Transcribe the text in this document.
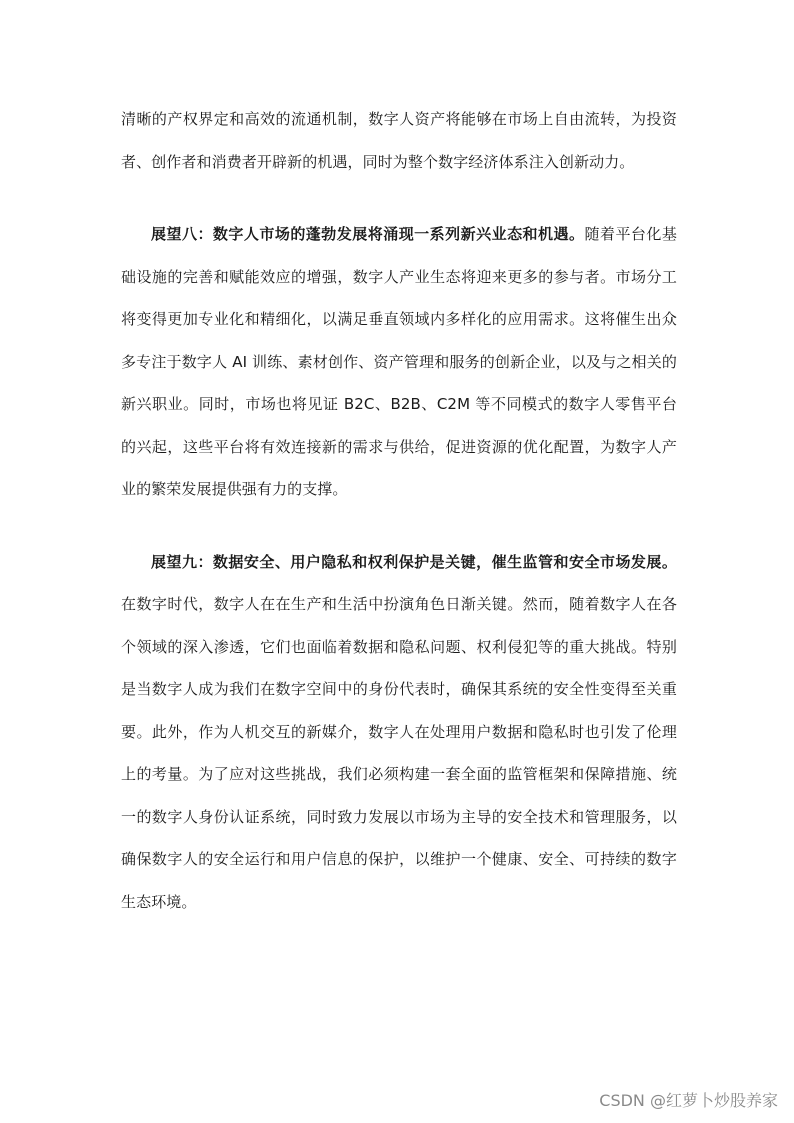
清晰的产权界定和高效的流通机制，数字人资产将能够在市场上自由流转，为投资者、创作者和消费者开辟新的机遇，同时为整个数字经济体系注入创新动力。

展望八：数字人市场的蓬勃发展将涌现一系列新兴业态和机遇。随着平台化基础设施的完善和赋能效应的增强，数字人产业生态将迎来更多的参与者。市场分工将变得更加专业化和精细化，以满足垂直领域内多样化的应用需求。这将催生出众多专注于数字人 AI 训练、素材创作、资产管理和服务的创新企业，以及与之相关的新兴职业。同时，市场也将见证 B2C、B2B、C2M 等不同模式的数字人零售平台的兴起，这些平台将有效连接新的需求与供给，促进资源的优化配置，为数字人产业的繁荣发展提供强有力的支撑。

展望九：数据安全、用户隐私和权利保护是关键，催生监管和安全市场发展。在数字时代，数字人在在生产和生活中扮演角色日渐关键。然而，随着数字人在各个领域的深入渗透，它们也面临着数据和隐私问题、权利侵犯等的重大挑战。特别是当数字人成为我们在数字空间中的身份代表时，确保其系统的安全性变得至关重要。此外，作为人机交互的新媒介，数字人在处理用户数据和隐私时也引发了伦理上的考量。为了应对这些挑战，我们必须构建一套全面的监管框架和保障措施、统一的数字人身份认证系统，同时致力发展以市场为主导的安全技术和管理服务，以确保数字人的安全运行和用户信息的保护，以维护一个健康、安全、可持续的数字生态环境。

CSDN @红萝卜炒股养家
